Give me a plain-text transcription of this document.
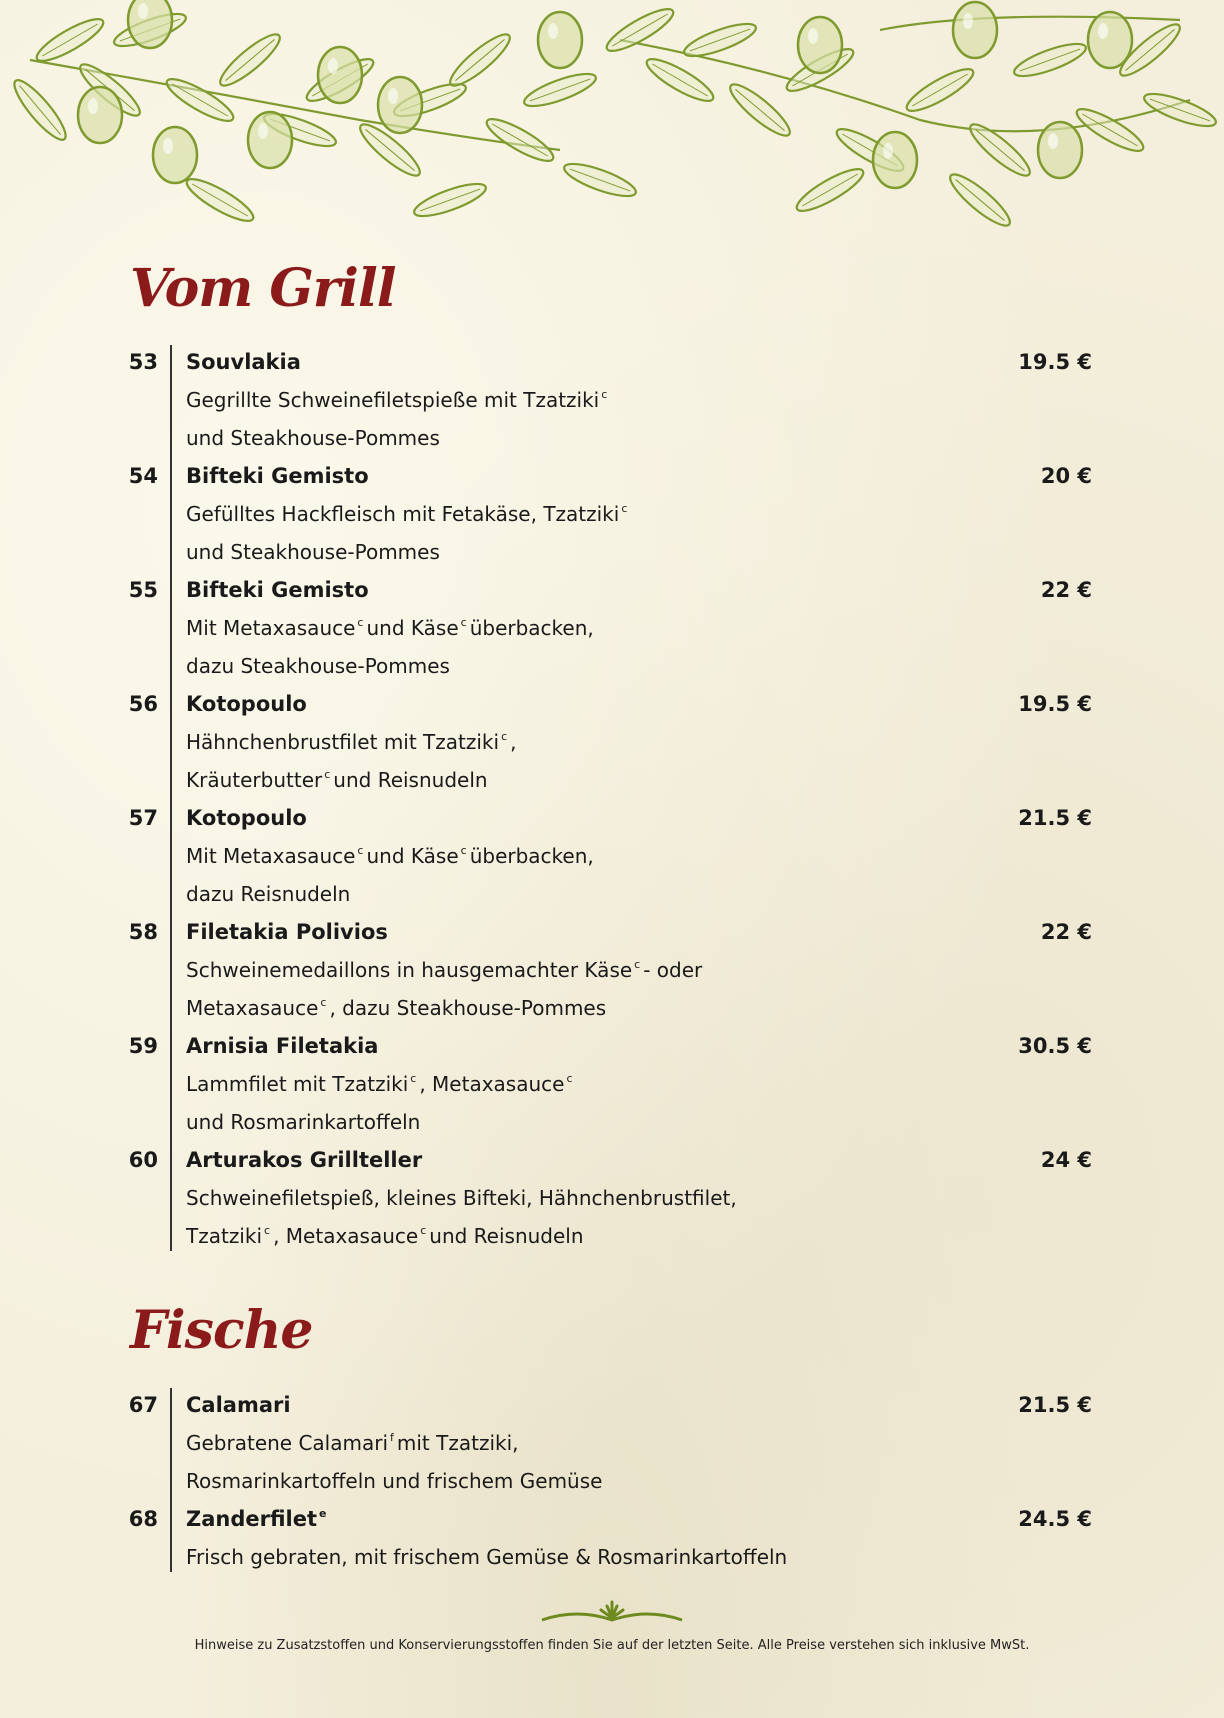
Vom Grill
53 Souvlakia	19.5 €
Gegrillte Schweinefiletspieße mit Tzatziki $^c$
und Steakhouse-Pommes
54 Bifteki Gemisto	20 €
Gefülltes Hackfleisch mit Fetakäse, Tzatziki $^c$
und Steakhouse-Pommes
55 Bifteki Gemisto	22 €
Mit Metaxasauce $^c$ und Käse $^c$ überbacken,
dazu Steakhouse-Pommes
56 Kotopoulo	19.5 €
Hähnchenbrustfilet mit Tzatziki $^c$ ,
Kräuterbutter $^c$ und Reisnudeln
57 Kotopoulo	21.5 €
Mit Metaxasauce $^c$ und Käse $^c$ überbacken,
dazu Reisnudeln
58 Filetakia Polivios	22 €
Schweinemedaillons in hausgemachter Käse $^c$ - oder
Metaxasauce $^c$ , dazu Steakhouse-Pommes
59 Arnisia Filetakia	30.5 €
Lammfilet mit Tzatziki $^c$ , Metaxasauce $^c$
und Rosmarinkartoffeln
60 Arturakos Grillteller	24 €
Schweinefiletspieß, kleines Bifteki, Hähnchenbrustfilet,
Tzatziki $^c$ , Metaxasauce $^c$ und Reisnudeln
Fische
67 Calamari	21.5 €
Gebratene Calamari $^f$ mit Tzatziki,
Rosmarinkartoffeln und frischem Gemüse
68 Zanderfilet $^e$	24.5 €
Frisch gebraten, mit frischem Gemüse & Rosmarinkartoffeln
Hinweise zu Zusatzstoffen und Konservierungsstoffen finden Sie auf der letzten Seite. Alle Preise verstehen sich inklusive MwSt.
